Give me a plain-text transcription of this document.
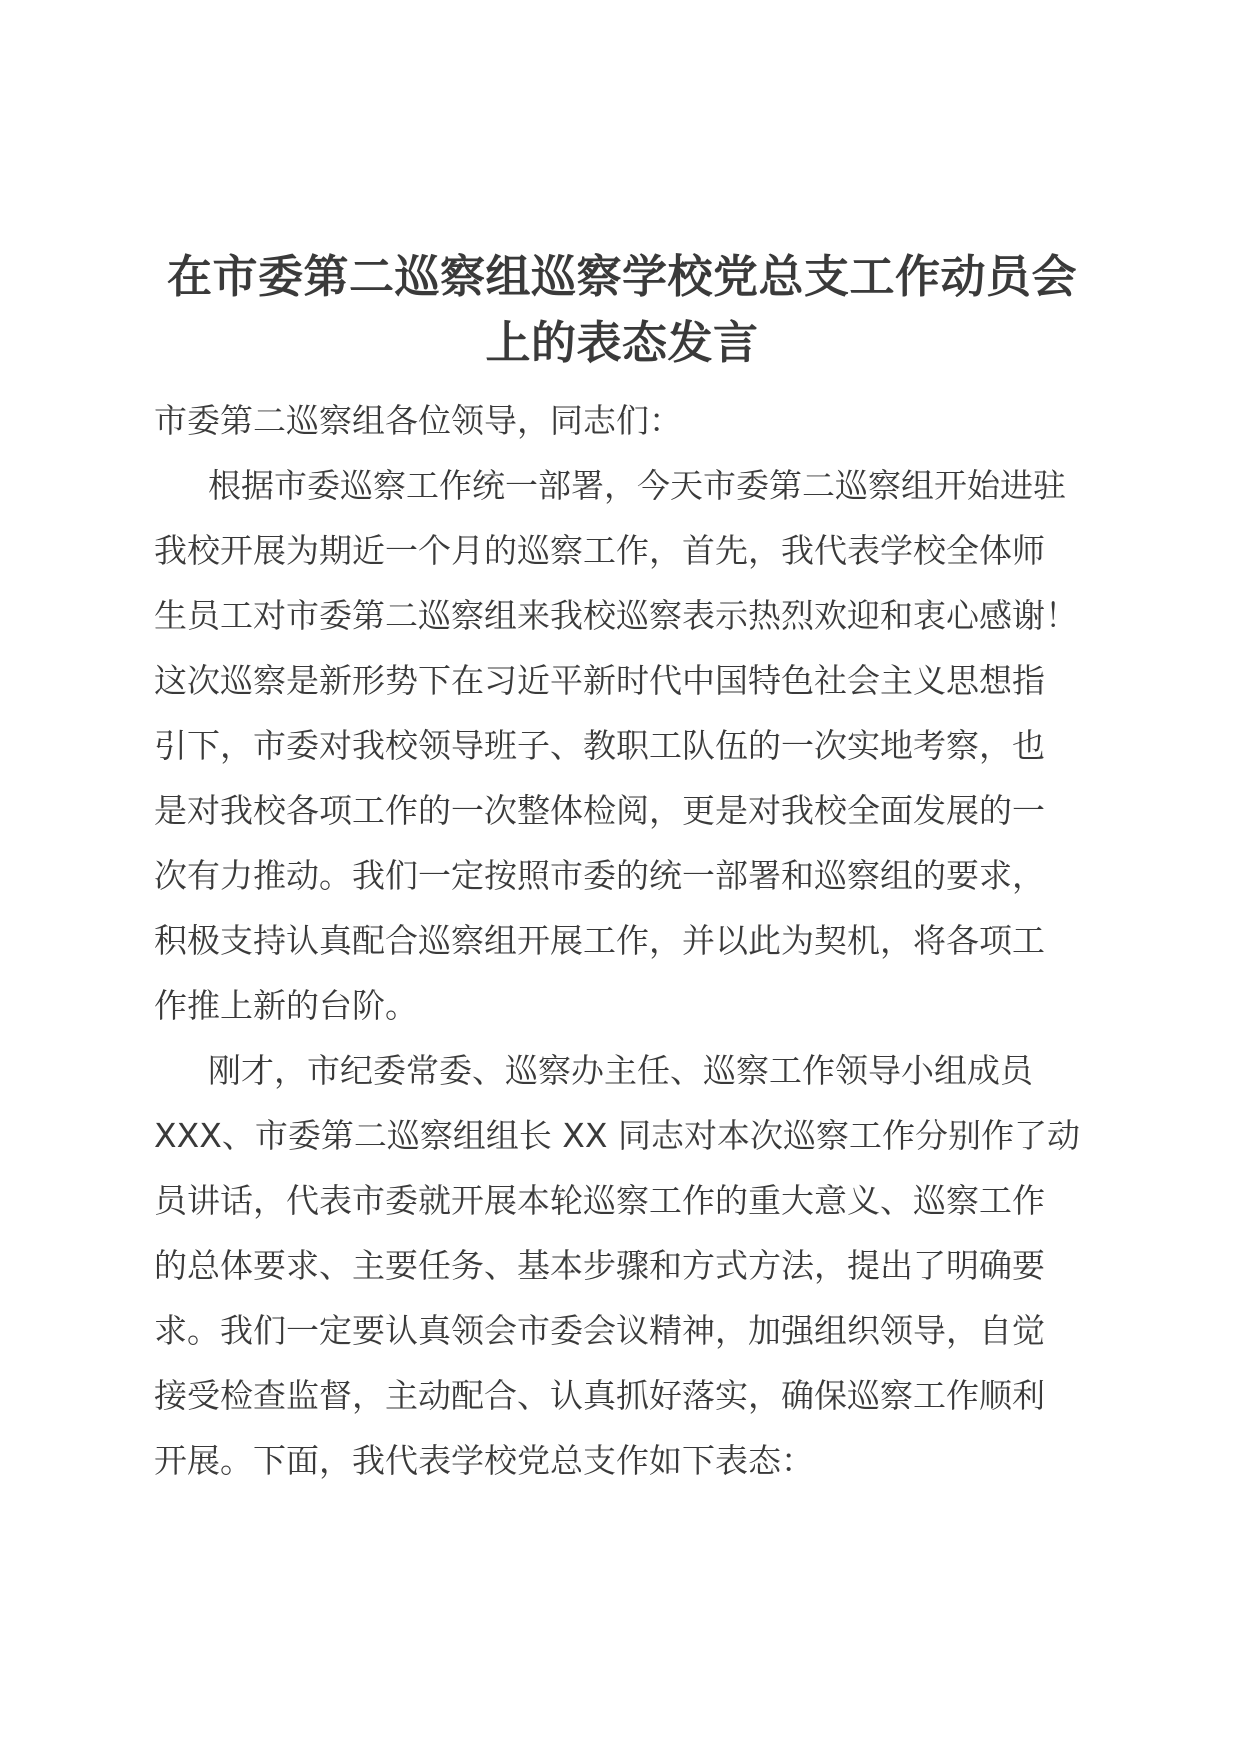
在市委第二巡察组巡察学校党总支工作动员会
上的表态发言

市委第二巡察组各位领导，同志们：

根据市委巡察工作统一部署，今天市委第二巡察组开始进驻
我校开展为期近一个月的巡察工作，首先，我代表学校全体师
生员工对市委第二巡察组来我校巡察表示热烈欢迎和衷心感谢！
这次巡察是新形势下在习近平新时代中国特色社会主义思想指
引下，市委对我校领导班子、教职工队伍的一次实地考察，也
是对我校各项工作的一次整体检阅，更是对我校全面发展的一
次有力推动。我们一定按照市委的统一部署和巡察组的要求，
积极支持认真配合巡察组开展工作，并以此为契机，将各项工
作推上新的台阶。

刚才，市纪委常委、巡察办主任、巡察工作领导小组成员
XXX、市委第二巡察组组长 XX 同志对本次巡察工作分别作了动
员讲话，代表市委就开展本轮巡察工作的重大意义、巡察工作
的总体要求、主要任务、基本步骤和方式方法，提出了明确要
求。我们一定要认真领会市委会议精神，加强组织领导，自觉
接受检查监督，主动配合、认真抓好落实，确保巡察工作顺利
开展。下面，我代表学校党总支作如下表态：
